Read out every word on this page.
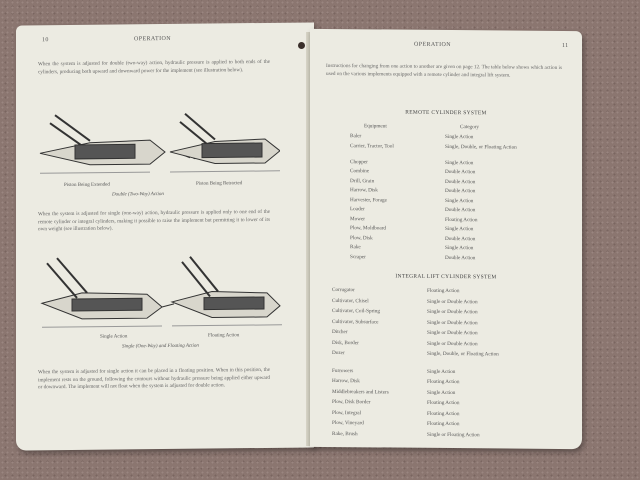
10	OPERATION
When the system is adjusted for double (two-way) action, hydraulic pressure is applied to both ends of the cylinders, producing both upward and downward power for the implement (see illustration below).
Piston Being Extended	Piston Being Retracted
Double (Two-Way) Action
When the system is adjusted for single (one-way) action, hydraulic pressure is applied only to one end of the remote cylinder or integral cylinders, making it possible to raise the implement but permitting it to lower of its own weight (see illustration below).
Single Action	Floating Action
Single (One-Way) and Floating Action
When the system is adjusted for single action it can be placed in a floating position. When in this position, the implement rests on the ground, following the contours without hydraulic pressure being applied either upward or downward. The implement will not float when the system is adjusted for double action.
OPERATION	11
Instructions for changing from one action to another are given on page 12. The table below shows which action is used on the various implements equipped with a remote cylinder and integral lift system.
REMOTE CYLINDER SYSTEM
Equipment	Category
Baler	Single Action
Carrier, Tractor, Tool	Single, Double, or Floating Action
Chopper	Single Action
Combine	Double Action
Drill, Grain	Double Action
Harrow, Disk	Double Action
Harvester, Forage	Single Action
Loader	Double Action
Mower	Floating Action
Plow, Moldboard	Single Action
Plow, Disk	Double Action
Rake	Single Action
Scraper	Double Action
INTEGRAL LIFT CYLINDER SYSTEM
Corrugator	Floating Action
Cultivator, Chisel	Single or Double Action
Cultivator, Coil-Spring	Single or Double Action
Cultivator, Subsurface	Single or Double Action
Ditcher	Single or Double Action
Disk, Border	Single or Double Action
Dozer	Single, Double, or Floating Action
Furrowers	Single Action
Harrow, Disk	Floating Action
Middlebreakers and Listers	Single Action
Plow, Disk Border	Floating Action
Plow, Integral	Floating Action
Plow, Vineyard	Floating Action
Rake, Brush	Single or Floating Action
